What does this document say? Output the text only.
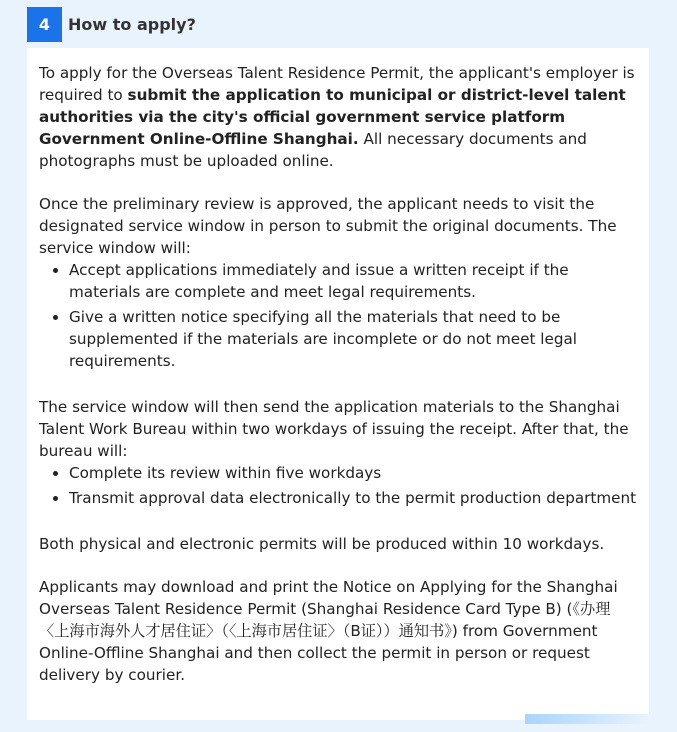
4	How to apply?

To apply for the Overseas Talent Residence Permit, the applicant's employer is required to submit the application to municipal or district-level talent authorities via the city's official government service platform Government Online-Offline Shanghai. All necessary documents and photographs must be uploaded online.

Once the preliminary review is approved, the applicant needs to visit the designated service window in person to submit the original documents. The service window will:

• Accept applications immediately and issue a written receipt if the materials are complete and meet legal requirements.
• Give a written notice specifying all the materials that need to be supplemented if the materials are incomplete or do not meet legal requirements.

The service window will then send the application materials to the Shanghai Talent Work Bureau within two workdays of issuing the receipt. After that, the bureau will:

• Complete its review within five workdays
• Transmit approval data electronically to the permit production department

Both physical and electronic permits will be produced within 10 workdays.

Applicants may download and print the Notice on Applying for the Shanghai Overseas Talent Residence Permit (Shanghai Residence Card Type B) (《办理〈上海市海外人才居住证〉（〈上海市居住证〉（B证））通知书》) from Government Online-Offline Shanghai and then collect the permit in person or request delivery by courier.
